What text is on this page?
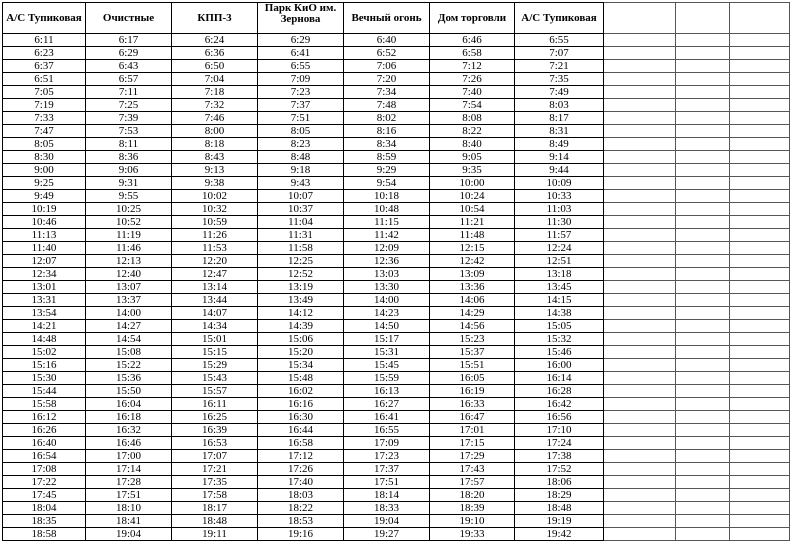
А/С Тупиковая	Очистные	КПП-3	Парк КиО им. Зернова	Вечный огонь	Дом торговли	А/С Тупиковая			
6:11	6:17	6:24	6:29	6:40	6:46	6:55			
6:23	6:29	6:36	6:41	6:52	6:58	7:07			
6:37	6:43	6:50	6:55	7:06	7:12	7:21			
6:51	6:57	7:04	7:09	7:20	7:26	7:35			
7:05	7:11	7:18	7:23	7:34	7:40	7:49			
7:19	7:25	7:32	7:37	7:48	7:54	8:03			
7:33	7:39	7:46	7:51	8:02	8:08	8:17			
7:47	7:53	8:00	8:05	8:16	8:22	8:31			
8:05	8:11	8:18	8:23	8:34	8:40	8:49			
8:30	8:36	8:43	8:48	8:59	9:05	9:14			
9:00	9:06	9:13	9:18	9:29	9:35	9:44			
9:25	9:31	9:38	9:43	9:54	10:00	10:09			
9:49	9:55	10:02	10:07	10:18	10:24	10:33			
10:19	10:25	10:32	10:37	10:48	10:54	11:03			
10:46	10:52	10:59	11:04	11:15	11:21	11:30			
11:13	11:19	11:26	11:31	11:42	11:48	11:57			
11:40	11:46	11:53	11:58	12:09	12:15	12:24			
12:07	12:13	12:20	12:25	12:36	12:42	12:51			
12:34	12:40	12:47	12:52	13:03	13:09	13:18			
13:01	13:07	13:14	13:19	13:30	13:36	13:45			
13:31	13:37	13:44	13:49	14:00	14:06	14:15			
13:54	14:00	14:07	14:12	14:23	14:29	14:38			
14:21	14:27	14:34	14:39	14:50	14:56	15:05			
14:48	14:54	15:01	15:06	15:17	15:23	15:32			
15:02	15:08	15:15	15:20	15:31	15:37	15:46			
15:16	15:22	15:29	15:34	15:45	15:51	16:00			
15:30	15:36	15:43	15:48	15:59	16:05	16:14			
15:44	15:50	15:57	16:02	16:13	16:19	16:28			
15:58	16:04	16:11	16:16	16:27	16:33	16:42			
16:12	16:18	16:25	16:30	16:41	16:47	16:56			
16:26	16:32	16:39	16:44	16:55	17:01	17:10			
16:40	16:46	16:53	16:58	17:09	17:15	17:24			
16:54	17:00	17:07	17:12	17:23	17:29	17:38			
17:08	17:14	17:21	17:26	17:37	17:43	17:52			
17:22	17:28	17:35	17:40	17:51	17:57	18:06			
17:45	17:51	17:58	18:03	18:14	18:20	18:29			
18:04	18:10	18:17	18:22	18:33	18:39	18:48			
18:35	18:41	18:48	18:53	19:04	19:10	19:19			
18:58	19:04	19:11	19:16	19:27	19:33	19:42			
